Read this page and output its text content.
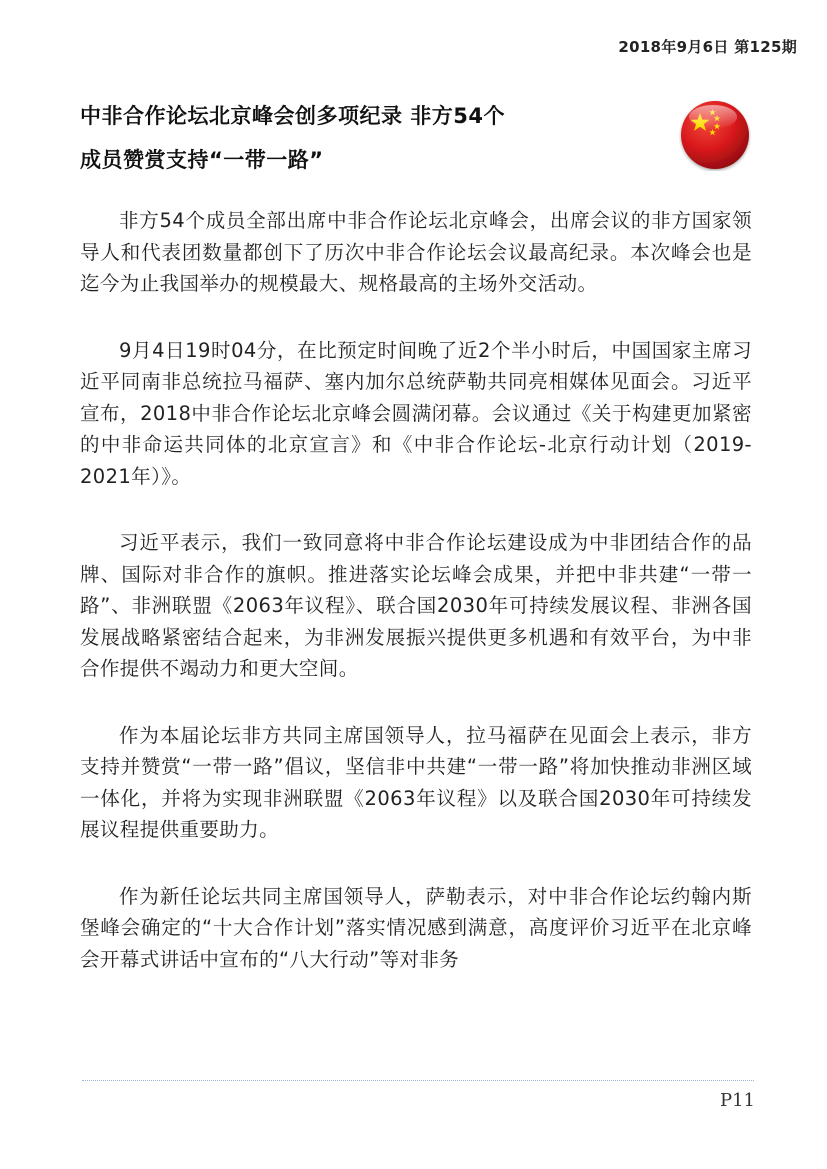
2018年9月6日 第125期
中非合作论坛北京峰会创多项纪录 非方54个
成员赞赏支持“一带一路”

非方54个成员全部出席中非合作论坛北京峰会，出席会议的非方国家领导人和代表团数量都创下了历次中非合作论坛会议最高纪录。本次峰会也是迄今为止我国举办的规模最大、规格最高的主场外交活动。

9月4日19时04分，在比预定时间晚了近2个半小时后，中国国家主席习近平同南非总统拉马福萨、塞内加尔总统萨勒共同亮相媒体见面会。习近平宣布，2018中非合作论坛北京峰会圆满闭幕。会议通过《关于构建更加紧密的中非命运共同体的北京宣言》和《中非合作论坛-北京行动计划（2019-2021年）》。

习近平表示，我们一致同意将中非合作论坛建设成为中非团结合作的品牌、国际对非合作的旗帜。推进落实论坛峰会成果，并把中非共建“一带一路”、非洲联盟《2063年议程》、联合国2030年可持续发展议程、非洲各国发展战略紧密结合起来，为非洲发展振兴提供更多机遇和有效平台，为中非合作提供不竭动力和更大空间。

作为本届论坛非方共同主席国领导人，拉马福萨在见面会上表示，非方支持并赞赏“一带一路”倡议，坚信非中共建“一带一路”将加快推动非洲区域一体化，并将为实现非洲联盟《2063年议程》以及联合国2030年可持续发展议程提供重要助力。

作为新任论坛共同主席国领导人，萨勒表示，对中非合作论坛约翰内斯堡峰会确定的“十大合作计划”落实情况感到满意，高度评价习近平在北京峰会开幕式讲话中宣布的“八大行动”等对非务

P11
